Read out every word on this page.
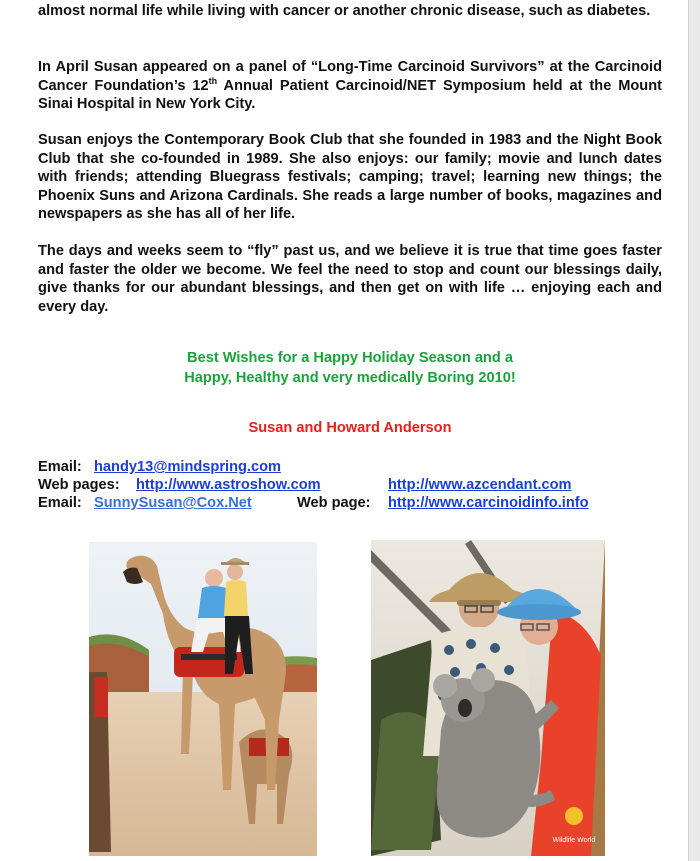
almost normal life while living with cancer or another chronic disease, such as diabetes.

In April Susan appeared on a panel of “Long-Time Carcinoid Survivors” at the Carcinoid Cancer Foundation’s 12th Annual Patient Carcinoid/NET Symposium held at the Mount Sinai Hospital in New York City.

Susan enjoys the Contemporary Book Club that she founded in 1983 and the Night Book Club that she co-founded in 1989. She also enjoys: our family; movie and lunch dates with friends; attending Bluegrass festivals; camping; travel; learning new things; the Phoenix Suns and Arizona Cardinals. She reads a large number of books, magazines and newspapers as she has all of her life.

The days and weeks seem to “fly” past us, and we believe it is true that time goes faster and faster the older we become. We feel the need to stop and count our blessings daily, give thanks for our abundant blessings, and then get on with life … enjoying each and every day.

Best Wishes for a Happy Holiday Season and a

Happy, Healthy and very medically Boring 2010!

Susan and Howard Anderson

Email: handy13@mindspring.com
Web pages: http://www.astroshow.com	http://www.azcendant.com
Email: SunnySusan@Cox.Net	Web page: http://www.carcinoidinfo.info
Wildlife World
